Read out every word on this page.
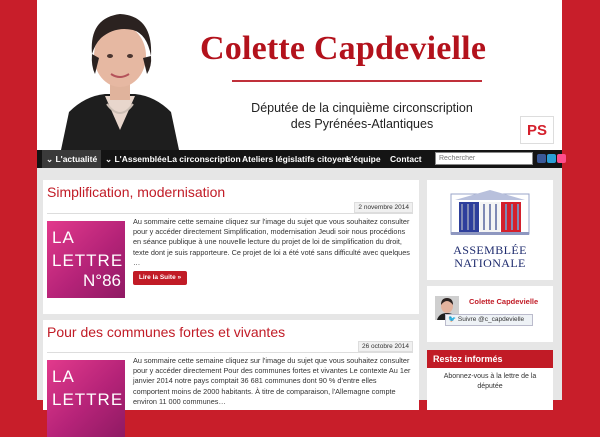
Colette Capdevielle
Députée de la cinquième circonscription
des Pyrénées-Atlantiques	PS
⌄ L'actualité ⌄ L'Assemblée La circonscription Ateliers législatifs citoyens
L'équipe Contact
Rechercher
Simplification, modernisation
2 novembre 2014
LA
LETTRE
N°86
Au sommaire cette semaine cliquez sur l'image du sujet que vous souhaitez consulter pour y accéder directement Simplification, modernisation Jeudi soir nous procédions en séance publique à une nouvelle lecture du projet de loi de simplification du droit, texte dont je suis rapporteure. Ce projet de loi a été voté sans difficulté avec quelques …
Lire la Suite »
Pour des communes fortes et vivantes
26 octobre 2014
LA
LETTRE
Au sommaire cette semaine cliquez sur l'image du sujet que vous souhaitez consulter pour y accéder directement Pour des communes fortes et vivantes Le contexte Au 1er janvier 2014 notre pays comptait 36 681 communes dont 90 % d'entre elles comportent moins de 2000 habitants. À titre de comparaison, l'Allemagne compte environ 11 000 communes…
ASSEMBLÉE
NATIONALE
Colette Capdevielle
🐦 Suivre @c_capdevielle
Restez informés
Abonnez-vous à la lettre de la
députée
